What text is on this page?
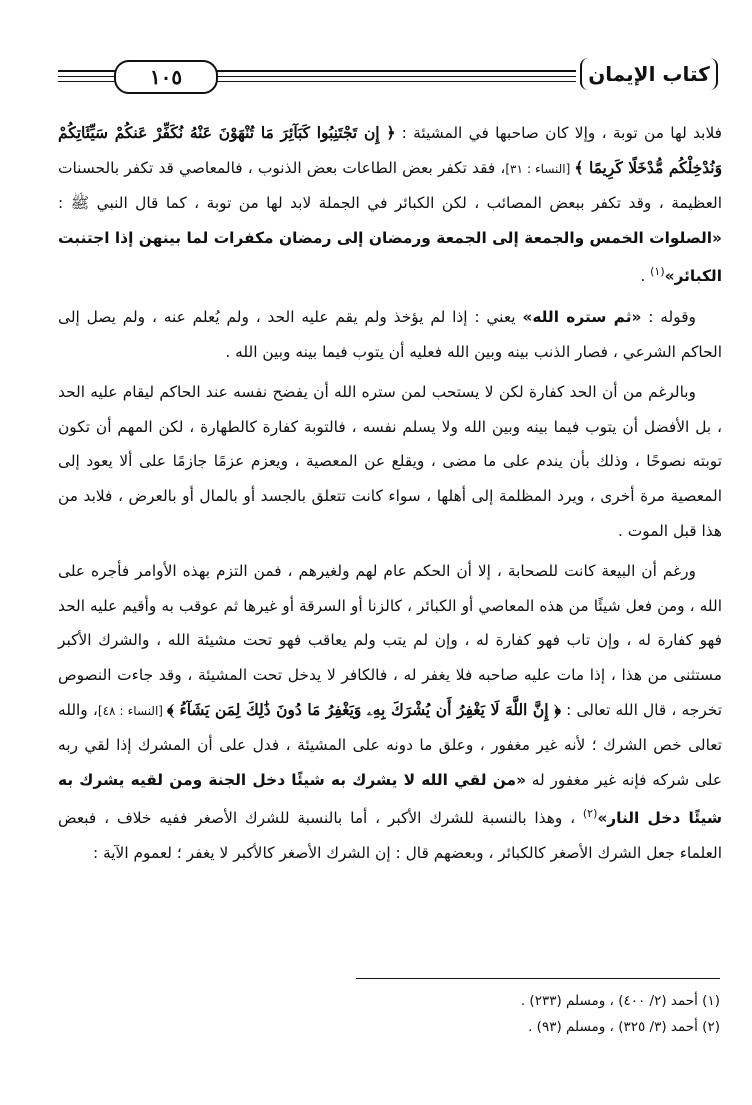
١٠٥	كتاب الإيمان

فلابد لها من توبة ، وإلا كان صاحبها في المشيئة : ﴿ إِن تَجْتَنِبُوا كَبَآئِرَ مَا تُنْهَوْنَ عَنْهُ نُكَفِّرْ عَنكُمْ سَيِّئَاتِكُمْ وَنُدْخِلْكُم مُّدْخَلًا كَرِيمًا ﴾ [النساء : ٣١]، فقد تكفر بعض الطاعات بعض الذنوب ، فالمعاصي قد تكفر بالحسنات العظيمة ، وقد تكفر ببعض المصائب ، لكن الكبائر في الجملة لابد لها من توبة ، كما قال النبي ﷺ : «الصلوات الخمس والجمعة إلى الجمعة ورمضان إلى رمضان مكفرات لما بينهن إذا اجتنبت الكبائر»$^{(١)}$ .

وقوله : «ثم ستره الله» يعني : إذا لم يؤخذ ولم يقم عليه الحد ، ولم يُعلم عنه ، ولم يصل إلى الحاكم الشرعي ، فصار الذنب بينه وبين الله فعليه أن يتوب فيما بينه وبين الله .

وبالرغم من أن الحد كفارة لكن لا يستحب لمن ستره الله أن يفضح نفسه عند الحاكم ليقام عليه الحد ، بل الأفضل أن يتوب فيما بينه وبين الله ولا يسلم نفسه ، فالتوبة كفارة كالطهارة ، لكن المهم أن تكون توبته نصوحًا ، وذلك بأن يندم على ما مضى ، ويقلع عن المعصية ، ويعزم عزمًا جازمًا على ألا يعود إلى المعصية مرة أخرى ، ويرد المظلمة إلى أهلها ، سواء كانت تتعلق بالجسد أو بالمال أو بالعرض ، فلابد من هذا قبل الموت .

ورغم أن البيعة كانت للصحابة ، إلا أن الحكم عام لهم ولغيرهم ، فمن التزم بهذه الأوامر فأجره على الله ، ومن فعل شيئًا من هذه المعاصي أو الكبائر ، كالزنا أو السرقة أو غيرها ثم عوقب به وأقيم عليه الحد فهو كفارة له ، وإن تاب فهو كفارة له ، وإن لم يتب ولم يعاقب فهو تحت مشيئة الله ، والشرك الأكبر مستثنى من هذا ، إذا مات عليه صاحبه فلا يغفر له ، فالكافر لا يدخل تحت المشيئة ، وقد جاءت النصوص تخرجه ، قال الله تعالى : ﴿ إِنَّ اللَّهَ لَا يَغْفِرُ أَن يُشْرَكَ بِهِۦ وَيَغْفِرُ مَا دُونَ ذَٰلِكَ لِمَن يَشَآءُ ﴾ [النساء : ٤٨]، والله تعالى خص الشرك ؛ لأنه غير مغفور ، وعلق ما دونه على المشيئة ، فدل على أن المشرك إذا لقي ربه على شركه فإنه غير مغفور له «من لقي الله لا يشرك به شيئًا دخل الجنة ومن لقيه يشرك به شيئًا دخل النار»$^{(٢)}$ ، وهذا بالنسبة للشرك الأكبر ، أما بالنسبة للشرك الأصغر ففيه خلاف ، فبعض العلماء جعل الشرك الأصغر كالكبائر ، وبعضهم قال : إن الشرك الأصغر كالأكبر لا يغفر ؛ لعموم الآية :

(١) أحمد (٢/ ٤٠٠) ، ومسلم (٢٣٣) .
(٢) أحمد (٣/ ٣٢٥) ، ومسلم (٩٣) .
